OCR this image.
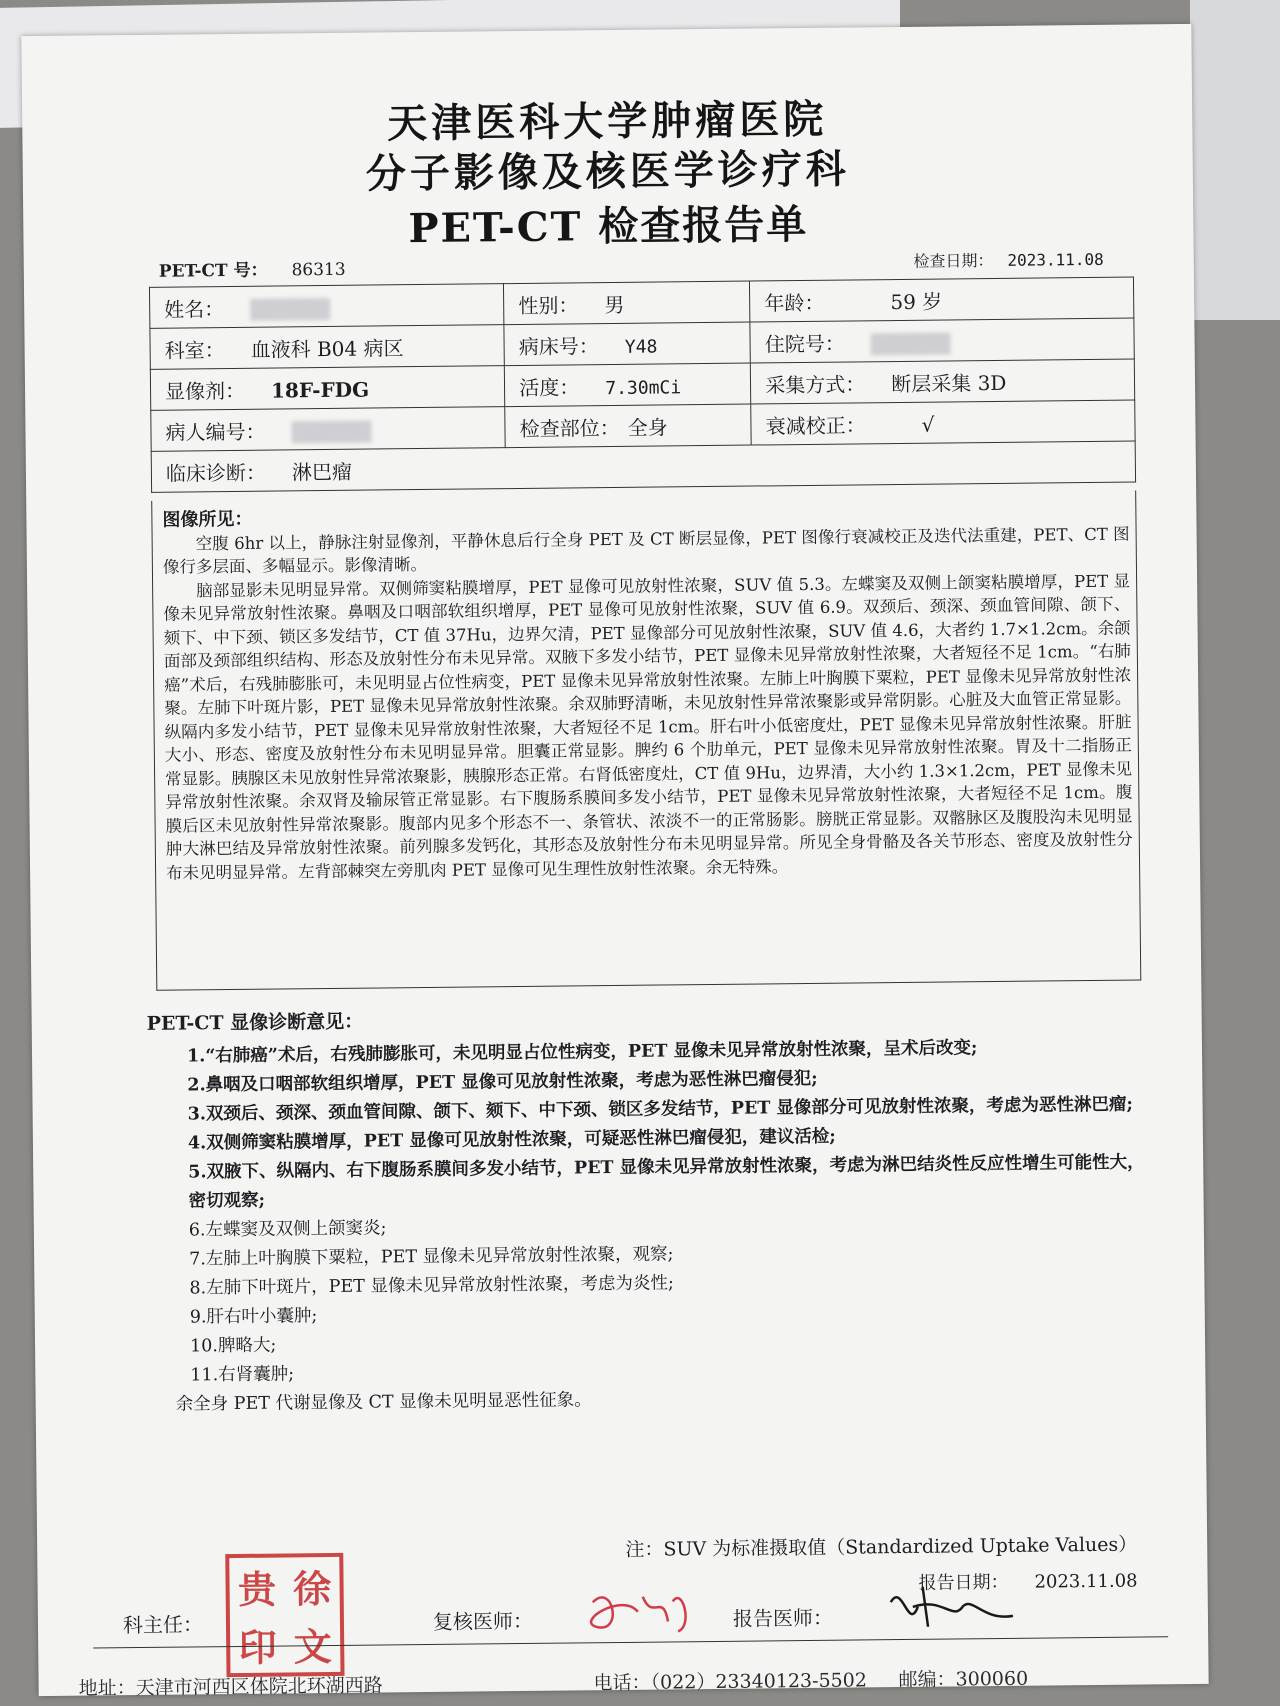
天津医科大学肿瘤医院
分子影像及核医学诊疗科
PET-CT 检查报告单
PET-CT 号： 86313	检查日期： 2023.11.08
姓名：	性别： 男	年龄： 59 岁
科室： 血液科 B04 病区	病床号： Y48	住院号：
显像剂： 18F-FDG	活度： 7.30mCi	采集方式： 断层采集 3D
病人编号：	检查部位： 全身	衰减校正： √
临床诊断： 淋巴瘤		
图像所见：

空腹 6hr 以上，静脉注射显像剂，平静休息后行全身 PET 及 CT 断层显像，PET 图像行衰减校正及迭代法重建，PET、CT 图像行多层面、多幅显示。影像清晰。

脑部显影未见明显异常。双侧筛窦粘膜增厚，PET 显像可见放射性浓聚，SUV 值 5.3。左蝶窦及双侧上颌窦粘膜增厚，PET 显像未见异常放射性浓聚。鼻咽及口咽部软组织增厚，PET 显像可见放射性浓聚，SUV 值 6.9。双颈后、颈深、颈血管间隙、颌下、颏下、中下颈、锁区多发结节，CT 值 37Hu，边界欠清，PET 显像部分可见放射性浓聚，SUV 值 4.6，大者约 1.7×1.2cm。余颌面部及颈部组织结构、形态及放射性分布未见异常。双腋下多发小结节，PET 显像未见异常放射性浓聚，大者短径不足 1cm。“右肺癌”术后，右残肺膨胀可，未见明显占位性病变，PET 显像未见异常放射性浓聚。左肺上叶胸膜下粟粒，PET 显像未见异常放射性浓聚。左肺下叶斑片影，PET 显像未见异常放射性浓聚。余双肺野清晰，未见放射性异常浓聚影或异常阴影。心脏及大血管正常显影。纵隔内多发小结节，PET 显像未见异常放射性浓聚，大者短径不足 1cm。肝右叶小低密度灶，PET 显像未见异常放射性浓聚。肝脏大小、形态、密度及放射性分布未见明显异常。胆囊正常显影。脾约 6 个肋单元，PET 显像未见异常放射性浓聚。胃及十二指肠正常显影。胰腺区未见放射性异常浓聚影，胰腺形态正常。右肾低密度灶，CT 值 9Hu，边界清，大小约 1.3×1.2cm，PET 显像未见异常放射性浓聚。余双肾及输尿管正常显影。右下腹肠系膜间多发小结节，PET 显像未见异常放射性浓聚，大者短径不足 1cm。腹膜后区未见放射性异常浓聚影。腹部内见多个形态不一、条管状、浓淡不一的正常肠影。膀胱正常显影。双髂脉区及腹股沟未见明显肿大淋巴结及异常放射性浓聚。前列腺多发钙化，其形态及放射性分布未见明显异常。所见全身骨骼及各关节形态、密度及放射性分布未见明显异常。左背部棘突左旁肌肉 PET 显像可见生理性放射性浓聚。余无特殊。

PET-CT 显像诊断意见：

1.“右肺癌”术后，右残肺膨胀可，未见明显占位性病变，PET 显像未见异常放射性浓聚，呈术后改变;

2.鼻咽及口咽部软组织增厚，PET 显像可见放射性浓聚，考虑为恶性淋巴瘤侵犯;

3.双颈后、颈深、颈血管间隙、颌下、颏下、中下颈、锁区多发结节，PET 显像部分可见放射性浓聚，考虑为恶性淋巴瘤;

4.双侧筛窦粘膜增厚，PET 显像可见放射性浓聚，可疑恶性淋巴瘤侵犯，建议活检;

5.双腋下、纵隔内、右下腹肠系膜间多发小结节，PET 显像未见异常放射性浓聚，考虑为淋巴结炎性反应性增生可能性大，密切观察;

6.左蝶窦及双侧上颌窦炎;

7.左肺上叶胸膜下粟粒，PET 显像未见异常放射性浓聚，观察;

8.左肺下叶斑片，PET 显像未见异常放射性浓聚，考虑为炎性;

9.肝右叶小囊肿;

10.脾略大;

11.右肾囊肿;

余全身 PET 代谢显像及 CT 显像未见明显恶性征象。
注：SUV 为标准摄取值（Standardized Uptake Values）
报告日期： 2023.11.08
贵 徐
印 文
科主任：	复核医师：	报告医师：
地址：天津市河西区体院北环湖西路	电话：（022）23340123-5502 邮编：300060
